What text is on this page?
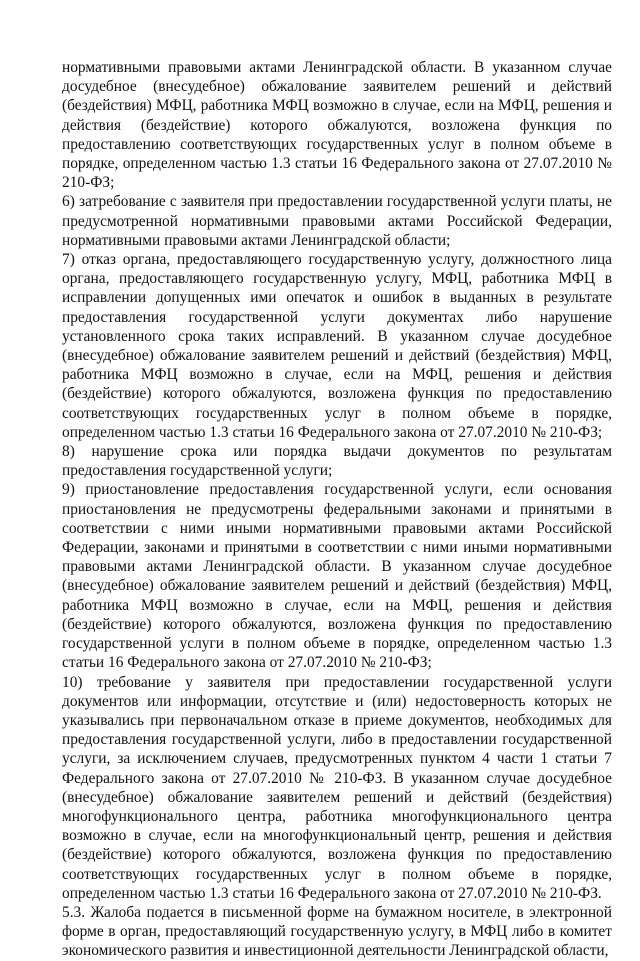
нормативными правовыми актами Ленинградской области. В указанном случае досудебное (внесудебное) обжалование заявителем решений и действий (бездействия) МФЦ, работника МФЦ возможно в случае, если на МФЦ, решения и действия (бездействие) которого обжалуются, возложена функция по предоставлению соответствующих государственных услуг в полном объеме в порядке, определенном частью 1.3 статьи 16 Федерального закона от 27.07.2010 № 210-ФЗ;

6) затребование с заявителя при предоставлении государственной услуги платы, не предусмотренной нормативными правовыми актами Российской Федерации, нормативными правовыми актами Ленинградской области;

7) отказ органа, предоставляющего государственную услугу, должностного лица органа, предоставляющего государственную услугу, МФЦ, работника МФЦ в исправлении допущенных ими опечаток и ошибок в выданных в результате предоставления государственной услуги документах либо нарушение установленного срока таких исправлений. В указанном случае досудебное (внесудебное) обжалование заявителем решений и действий (бездействия) МФЦ, работника МФЦ возможно в случае, если на МФЦ, решения и действия (бездействие) которого обжалуются, возложена функция по предоставлению соответствующих государственных услуг в полном объеме в порядке, определенном частью 1.3 статьи 16 Федерального закона от 27.07.2010 № 210-ФЗ;

8) нарушение срока или порядка выдачи документов по результатам предоставления государственной услуги;

9) приостановление предоставления государственной услуги, если основания приостановления не предусмотрены федеральными законами и принятыми в соответствии с ними иными нормативными правовыми актами Российской Федерации, законами и принятыми в соответствии с ними иными нормативными правовыми актами Ленинградской области. В указанном случае досудебное (внесудебное) обжалование заявителем решений и действий (бездействия) МФЦ, работника МФЦ возможно в случае, если на МФЦ, решения и действия (бездействие) которого обжалуются, возложена функция по предоставлению государственной услуги в полном объеме в порядке, определенном частью 1.3 статьи 16 Федерального закона от 27.07.2010 № 210-ФЗ;

10) требование у заявителя при предоставлении государственной услуги документов или информации, отсутствие и (или) недостоверность которых не указывались при первоначальном отказе в приеме документов, необходимых для предоставления государственной услуги, либо в предоставлении государственной услуги, за исключением случаев, предусмотренных пунктом 4 части 1 статьи 7 Федерального закона от 27.07.2010 № 210-ФЗ. В указанном случае досудебное (внесудебное) обжалование заявителем решений и действий (бездействия) многофункционального центра, работника многофункционального центра возможно в случае, если на многофункциональный центр, решения и действия (бездействие) которого обжалуются, возложена функция по предоставлению соответствующих государственных услуг в полном объеме в порядке, определенном частью 1.3 статьи 16 Федерального закона от 27.07.2010 № 210-ФЗ.

5.3. Жалоба подается в письменной форме на бумажном носителе, в электронной форме в орган, предоставляющий государственную услугу, в МФЦ либо в комитет экономического развития и инвестиционной деятельности Ленинградской области,
